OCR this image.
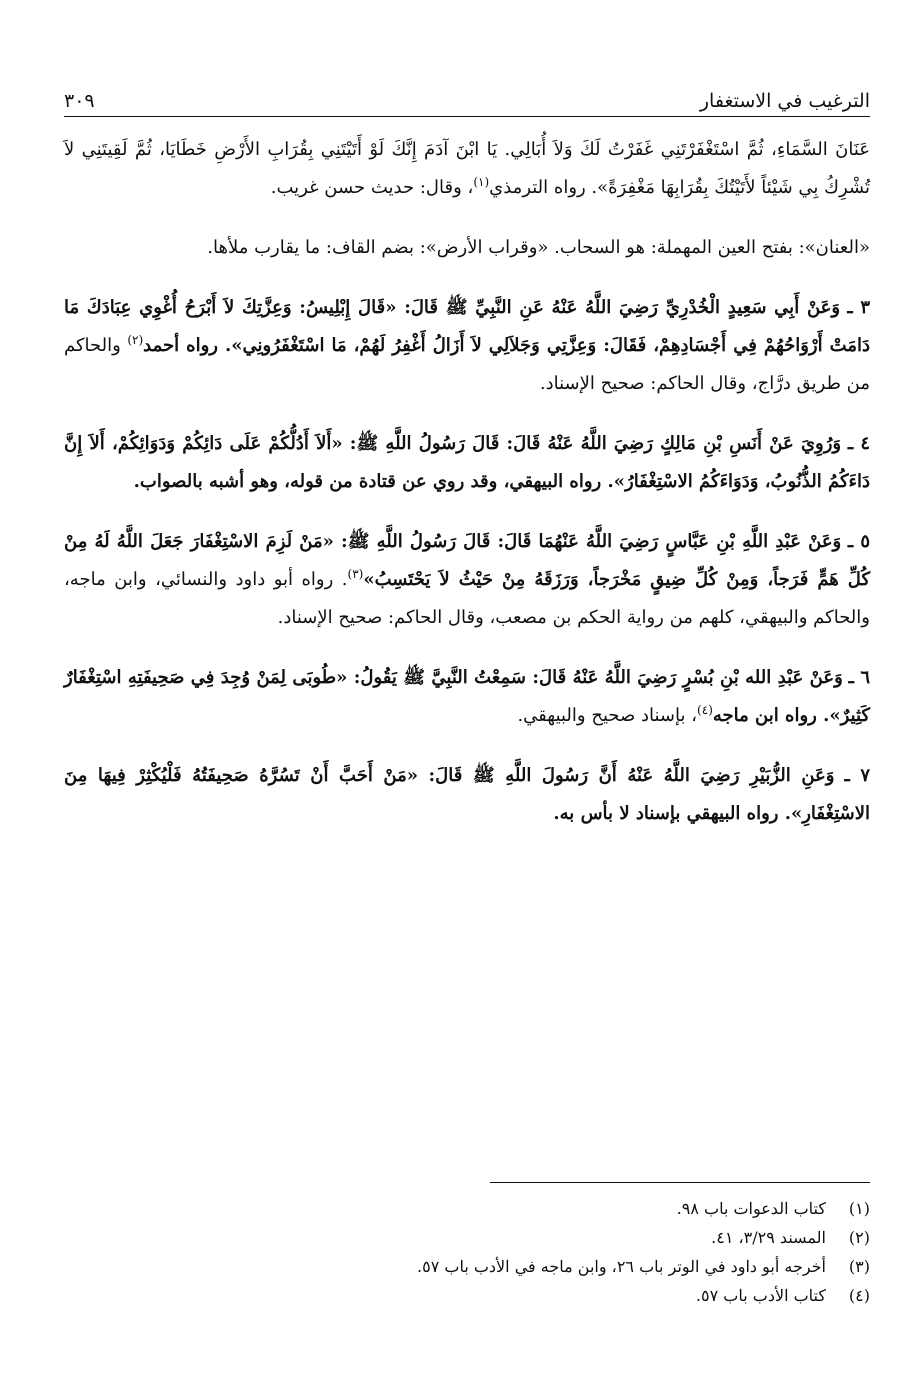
الترغيب في الاستغفار
٣٠٩

عَنَانَ السَّمَاءِ، ثُمَّ اسْتَغْفَرْتَنِي غَفَرْتُ لَكَ وَلاَ أُبَالِي. يَا ابْنَ آدَمَ إِنَّكَ لَوْ أَتَيْتَنِي بِقُرَابِ الأَرْضِ خَطَايَا، ثُمَّ لَقِيتَنِي لاَ تُشْرِكُ بِي شَيْئاً لأَتَيْتُكَ بِقُرَابِهَا مَغْفِرَةً». رواه الترمذي$^{(١)}$، وقال: حديث حسن غريب.

«العنان»: بفتح العين المهملة: هو السحاب. «وقراب الأرض»: بضم القاف: ما يقارب ملأها.

٣ ـ وَعَنْ أَبِي سَعِيدٍ الْخُدْرِيِّ رَضِيَ اللَّهُ عَنْهُ عَنِ النَّبِيِّ ﷺ قَالَ: «قَالَ إِبْلِيسُ: وَعِزَّتِكَ لاَ أَبْرَحُ أُغْوِي عِبَادَكَ مَا دَامَتْ أَرْوَاحُهُمْ فِي أَجْسَادِهِمْ، فَقَالَ: وَعِزَّتِي وَجَلاَلِي لاَ أَزَالُ أَغْفِرُ لَهُمْ، مَا اسْتَغْفَرُونِي». رواه أحمد$^{(٢)}$ والحاكم من طريق درَّاج، وقال الحاكم: صحيح الإسناد.

٤ ـ وَرُوِيَ عَنْ أَنَسِ بْنِ مَالِكٍ رَضِيَ اللَّهُ عَنْهُ قَالَ: قَالَ رَسُولُ اللَّهِ ﷺ: «أَلاَ أَدُلُّكُمْ عَلَى دَائِكُمْ وَدَوَائِكُمْ، أَلاَ إِنَّ دَاءَكُمُ الذُّنُوبُ، وَدَوَاءَكُمُ الاسْتِغْفَارُ». رواه البيهقي، وقد روي عن قتادة من قوله، وهو أشبه بالصواب.

٥ ـ وَعَنْ عَبْدِ اللَّهِ بْنِ عَبَّاسٍ رَضِيَ اللَّهُ عَنْهُمَا قَالَ: قَالَ رَسُولُ اللَّهِ ﷺ: «مَنْ لَزِمَ الاسْتِغْفَارَ جَعَلَ اللَّهُ لَهُ مِنْ كُلِّ هَمٍّ فَرَجاً، وَمِنْ كُلِّ ضِيقٍ مَخْرَجاً، وَرَزَقَهُ مِنْ حَيْثُ لاَ يَحْتَسِبُ»$^{(٣)}$. رواه أبو داود والنسائي، وابن ماجه، والحاكم والبيهقي، كلهم من رواية الحكم بن مصعب، وقال الحاكم: صحيح الإسناد.

٦ ـ وَعَنْ عَبْدِ الله بْنِ بُسْرٍ رَضِيَ اللَّهُ عَنْهُ قَالَ: سَمِعْتُ النَّبِيَّ ﷺ يَقُولُ: «طُوبَى لِمَنْ وُجِدَ فِي صَحِيفَتِهِ اسْتِغْفَارٌ كَثِيرٌ». رواه ابن ماجه$^{(٤)}$، بإسناد صحيح والبيهقي.

٧ ـ وَعَنِ الزُّبَيْرِ رَضِيَ اللَّهُ عَنْهُ أَنَّ رَسُولَ اللَّهِ ﷺ قَالَ: «مَنْ أَحَبَّ أَنْ تَسُرَّهُ صَحِيفَتُهُ فَلْيُكْثِرْ فِيهَا مِنَ الاسْتِغْفَارِ». رواه البيهقي بإسناد لا بأس به.

(١)
كتاب الدعوات باب ٩٨.
(٢)
المسند ٣/٢٩، ٤١.
(٣)
أخرجه أبو داود في الوتر باب ٢٦، وابن ماجه في الأدب باب ٥٧.
(٤)
كتاب الأدب باب ٥٧.
